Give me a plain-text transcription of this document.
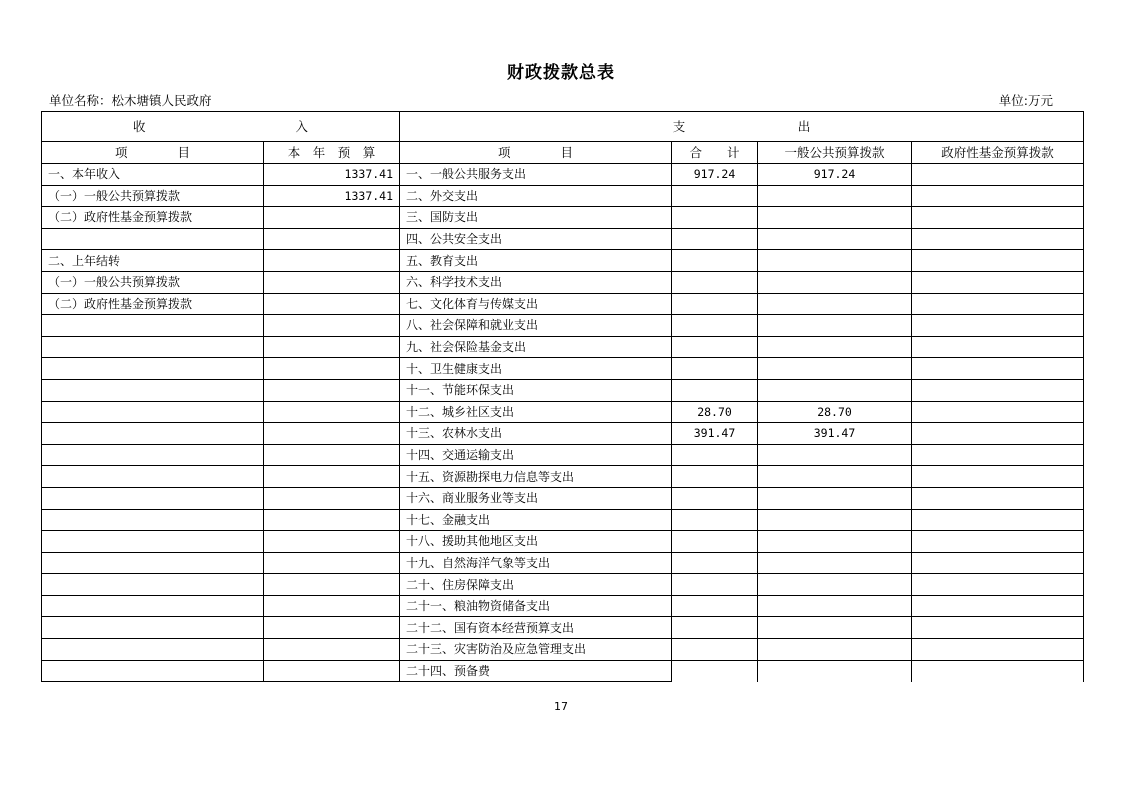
财政拨款总表
单位名称：松木塘镇人民政府	单位:万元
收　　　　　　　　　　　　入		支　　　　　　　　　出			
项　　　　目	本　年　预　算	项　　　　目	合　　计	一般公共预算拨款	政府性基金预算拨款
一、本年收入	1337.41	一、一般公共服务支出	917.24	917.24	
（一）一般公共预算拨款	1337.41	二、外交支出			
（二）政府性基金预算拨款		三、国防支出			
		四、公共安全支出			
二、上年结转		五、教育支出			
（一）一般公共预算拨款		六、科学技术支出			
（二）政府性基金预算拨款		七、文化体育与传媒支出			
		八、社会保障和就业支出			
		九、社会保险基金支出			
		十、卫生健康支出			
		十一、节能环保支出			
		十二、城乡社区支出	28.70	28.70	
		十三、农林水支出	391.47	391.47	
		十四、交通运输支出			
		十五、资源勘探电力信息等支出			
		十六、商业服务业等支出			
		十七、金融支出			
		十八、援助其他地区支出			
		十九、自然海洋气象等支出			
		二十、住房保障支出			
		二十一、粮油物资储备支出			
		二十二、国有资本经营预算支出			
		二十三、灾害防治及应急管理支出			
		二十四、预备费			
17
